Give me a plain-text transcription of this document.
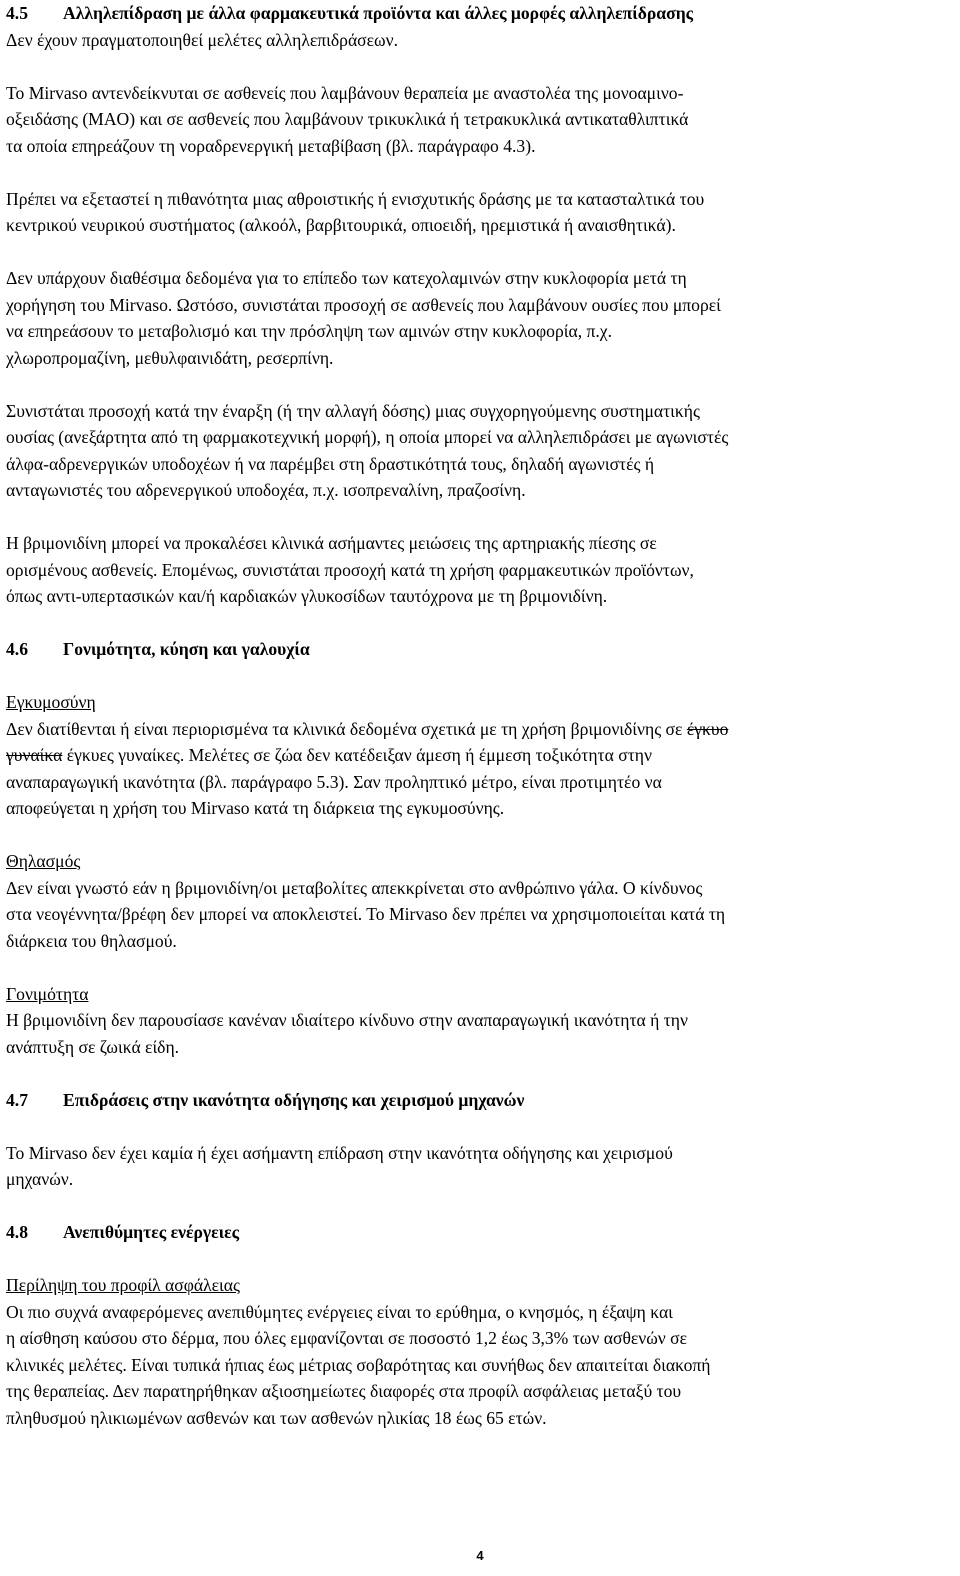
4.5 Αλληλεπίδραση με άλλα φαρμακευτικά προϊόντα και άλλες μορφές αλληλεπίδρασης

Δεν έχουν πραγματοποιηθεί μελέτες αλληλεπιδράσεων.

Το Mirvaso αντενδείκνυται σε ασθενείς που λαμβάνουν θεραπεία με αναστολέα της μονοαμινο-
οξειδάσης (MAO) και σε ασθενείς που λαμβάνουν τρικυκλικά ή τετρακυκλικά αντικαταθλιπτικά
τα οποία επηρεάζουν τη νοραδρενεργική μεταβίβαση (βλ. παράγραφο 4.3).

Πρέπει να εξεταστεί η πιθανότητα μιας αθροιστικής ή ενισχυτικής δράσης με τα κατασταλτικά του
κεντρικού νευρικού συστήματος (αλκοόλ, βαρβιτουρικά, οπιοειδή, ηρεμιστικά ή αναισθητικά).

Δεν υπάρχουν διαθέσιμα δεδομένα για το επίπεδο των κατεχολαμινών στην κυκλοφορία μετά τη
χορήγηση του Mirvaso. Ωστόσο, συνιστάται προσοχή σε ασθενείς που λαμβάνουν ουσίες που μπορεί
να επηρεάσουν το μεταβολισμό και την πρόσληψη των αμινών στην κυκλοφορία, π.χ.
χλωροπρομαζίνη, μεθυλφαινιδάτη, ρεσερπίνη.

Συνιστάται προσοχή κατά την έναρξη (ή την αλλαγή δόσης) μιας συγχορηγούμενης συστηματικής
ουσίας (ανεξάρτητα από τη φαρμακοτεχνική μορφή), η οποία μπορεί να αλληλεπιδράσει με αγωνιστές
άλφα-αδρενεργικών υποδοχέων ή να παρέμβει στη δραστικότητά τους, δηλαδή αγωνιστές ή
ανταγωνιστές του αδρενεργικού υποδοχέα, π.χ. ισοπρεναλίνη, πραζοσίνη.

Η βριμονιδίνη μπορεί να προκαλέσει κλινικά ασήμαντες μειώσεις της αρτηριακής πίεσης σε
ορισμένους ασθενείς. Επομένως, συνιστάται προσοχή κατά τη χρήση φαρμακευτικών προϊόντων,
όπως αντι-υπερτασικών και/ή καρδιακών γλυκοσίδων ταυτόχρονα με τη βριμονιδίνη.

4.6 Γονιμότητα, κύηση και γαλουχία

Εγκυμοσύνη
Δεν διατίθενται ή είναι περιορισμένα τα κλινικά δεδομένα σχετικά με τη χρήση βριμονιδίνης σε έγκυο
γυναίκα έγκυες γυναίκες. Μελέτες σε ζώα δεν κατέδειξαν άμεση ή έμμεση τοξικότητα στην
αναπαραγωγική ικανότητα (βλ. παράγραφο 5.3). Σαν προληπτικό μέτρο, είναι προτιμητέο να
αποφεύγεται η χρήση του Mirvaso κατά τη διάρκεια της εγκυμοσύνης.

Θηλασμός
Δεν είναι γνωστό εάν η βριμονιδίνη/οι μεταβολίτες απεκκρίνεται στο ανθρώπινο γάλα. Ο κίνδυνος
στα νεογέννητα/βρέφη δεν μπορεί να αποκλειστεί. Το Mirvaso δεν πρέπει να χρησιμοποιείται κατά τη
διάρκεια του θηλασμού.

Γονιμότητα
Η βριμονιδίνη δεν παρουσίασε κανέναν ιδιαίτερο κίνδυνο στην αναπαραγωγική ικανότητα ή την
ανάπτυξη σε ζωικά είδη.

4.7 Επιδράσεις στην ικανότητα οδήγησης και χειρισμού μηχανών

Το Mirvaso δεν έχει καμία ή έχει ασήμαντη επίδραση στην ικανότητα οδήγησης και χειρισμού
μηχανών.

4.8 Ανεπιθύμητες ενέργειες

Περίληψη του προφίλ ασφάλειας
Οι πιο συχνά αναφερόμενες ανεπιθύμητες ενέργειες είναι το ερύθημα, ο κνησμός, η έξαψη και
η αίσθηση καύσου στο δέρμα, που όλες εμφανίζονται σε ποσοστό 1,2 έως 3,3% των ασθενών σε
κλινικές μελέτες. Είναι τυπικά ήπιας έως μέτριας σοβαρότητας και συνήθως δεν απαιτείται διακοπή
της θεραπείας. Δεν παρατηρήθηκαν αξιοσημείωτες διαφορές στα προφίλ ασφάλειας μεταξύ του
πληθυσμού ηλικιωμένων ασθενών και των ασθενών ηλικίας 18 έως 65 ετών.

4
